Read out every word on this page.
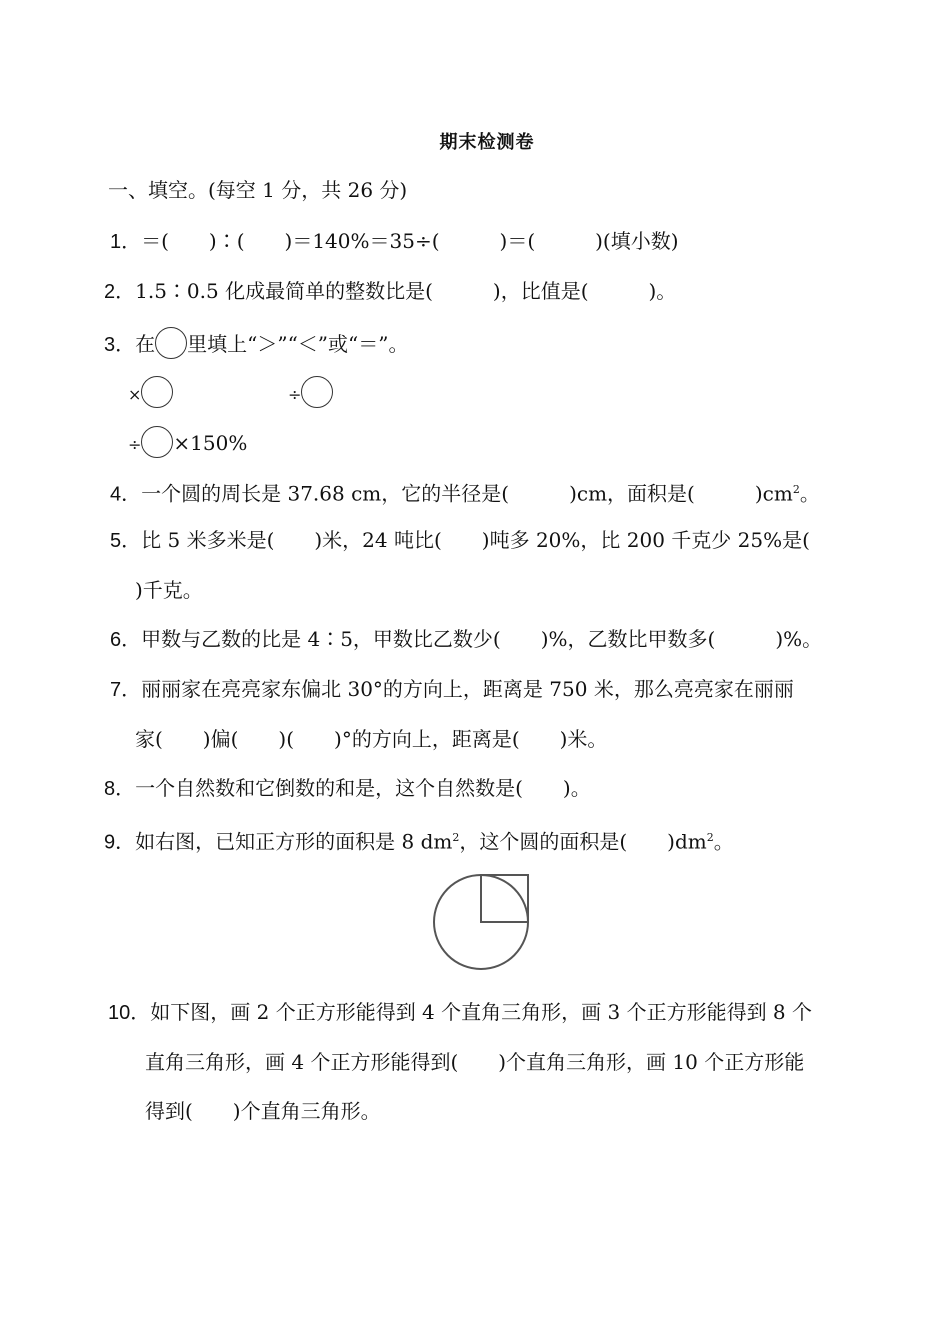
期末检测卷
一、填空。(每空 1 分，共 26 分)
1．＝(　　)∶(　　)＝140%＝35÷(　　　)＝(　　　)(填小数)
2．1.5∶0.5 化成最简单的整数比是(　　　)，比值是(　　　)。
3．在 里填上“＞”“＜”或“＝”。
×	÷
÷ ×150%
4．一个圆的周长是 37.68 cm，它的半径是(　　　)cm，面积是(　　　)$cm^2$。
5．比 5 米多米是(　　)米，24 吨比(　　)吨多 20%，比 200 千克少 25%是(
)千克。
6．甲数与乙数的比是 4∶5，甲数比乙数少(　　)%，乙数比甲数多(　　　)%。
7．丽丽家在亮亮家东偏北 30°的方向上，距离是 750 米，那么亮亮家在丽丽
家(　　)偏(　　)(　　)°的方向上，距离是(　　)米。
8．一个自然数和它倒数的和是，这个自然数是(　　)。
9．如右图，已知正方形的面积是 8 $dm^2$，这个圆的面积是(　　)$dm^2$。
10．如下图，画 2 个正方形能得到 4 个直角三角形，画 3 个正方形能得到 8 个
直角三角形，画 4 个正方形能得到(　　)个直角三角形，画 10 个正方形能
得到(　　)个直角三角形。
